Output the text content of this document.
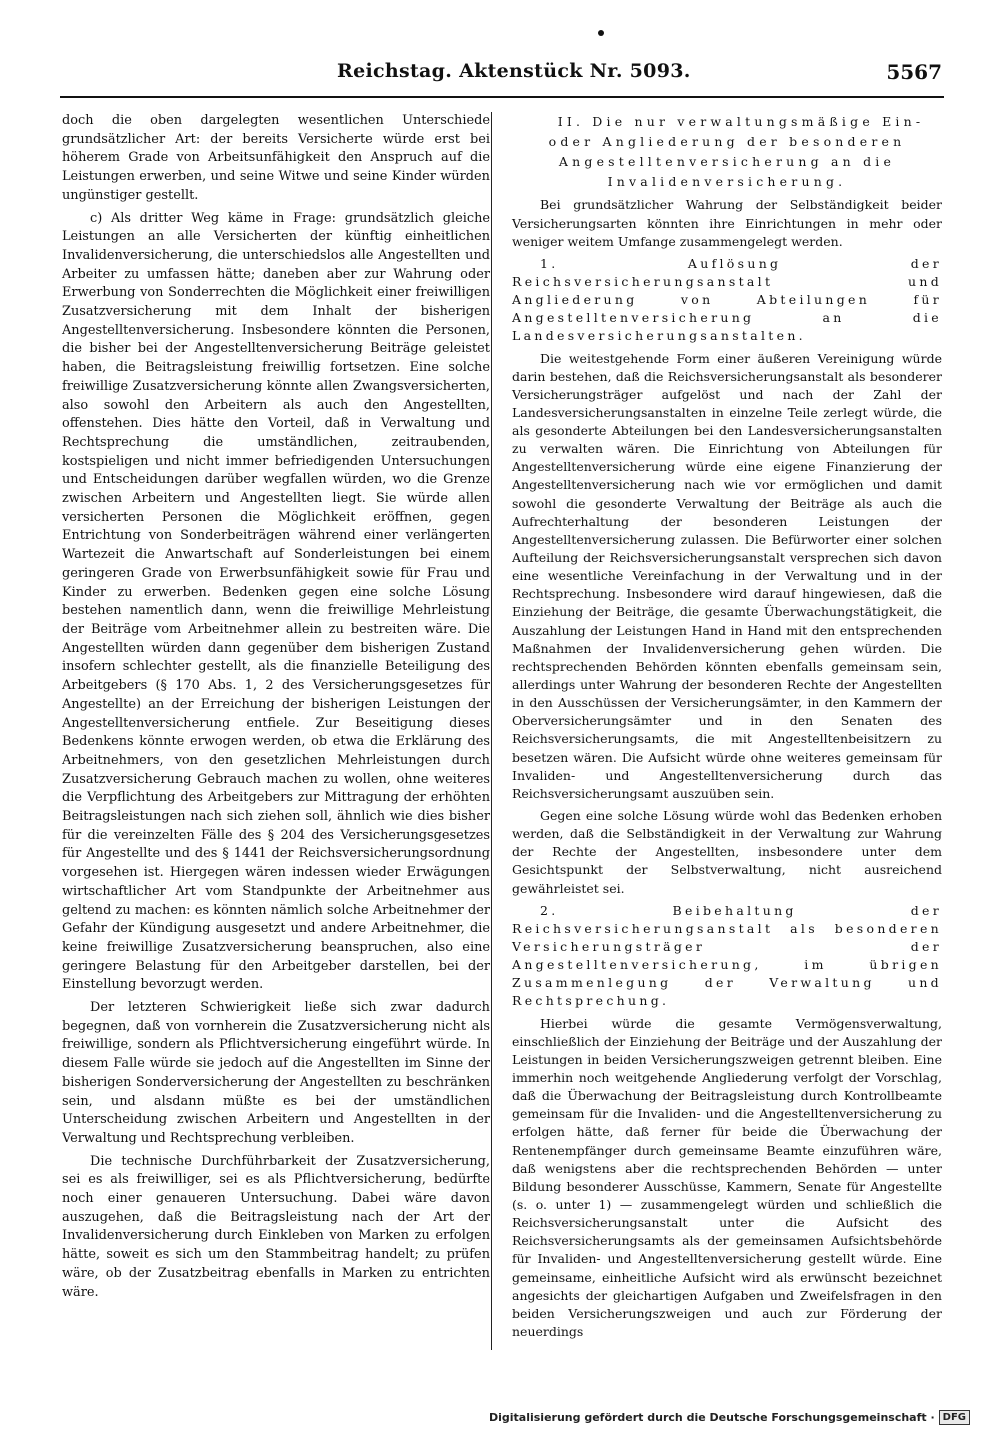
Reichstag. Aktenstück Nr. 5093.	5567

doch die oben dargelegten wesentlichen Unterschiede grundsätzlicher Art: der bereits Versicherte würde erst bei höherem Grade von Arbeitsunfähigkeit den Anspruch auf die Leistungen erwerben, und seine Witwe und seine Kinder würden ungünstiger gestellt.

c) Als dritter Weg käme in Frage: grundsätzlich gleiche Leistungen an alle Versicherten der künftig einheitlichen Invalidenversicherung, die unterschiedslos alle Angestellten und Arbeiter zu umfassen hätte; daneben aber zur Wahrung oder Erwerbung von Sonderrechten die Möglichkeit einer freiwilligen Zusatzversicherung mit dem Inhalt der bisherigen Angestelltenversicherung. Insbesondere könnten die Personen, die bisher bei der Angestelltenversicherung Beiträge geleistet haben, die Beitragsleistung freiwillig fortsetzen. Eine solche freiwillige Zusatzversicherung könnte allen Zwangsversicherten, also sowohl den Arbeitern als auch den Angestellten, offenstehen. Dies hätte den Vorteil, daß in Verwaltung und Rechtsprechung die umständlichen, zeitraubenden, kostspieligen und nicht immer befriedigenden Untersuchungen und Entscheidungen darüber wegfallen würden, wo die Grenze zwischen Arbeitern und Angestellten liegt. Sie würde allen versicherten Personen die Möglichkeit eröffnen, gegen Entrichtung von Sonderbeiträgen während einer verlängerten Wartezeit die Anwartschaft auf Sonderleistungen bei einem geringeren Grade von Erwerbsunfähigkeit sowie für Frau und Kinder zu erwerben. Bedenken gegen eine solche Lösung bestehen namentlich dann, wenn die freiwillige Mehrleistung der Beiträge vom Arbeitnehmer allein zu bestreiten wäre. Die Angestellten würden dann gegenüber dem bisherigen Zustand insofern schlechter gestellt, als die finanzielle Beteiligung des Arbeitgebers (§ 170 Abs. 1, 2 des Versicherungsgesetzes für Angestellte) an der Erreichung der bisherigen Leistungen der Angestelltenversicherung entfiele. Zur Beseitigung dieses Bedenkens könnte erwogen werden, ob etwa die Erklärung des Arbeitnehmers, von den gesetzlichen Mehrleistungen durch Zusatzversicherung Gebrauch machen zu wollen, ohne weiteres die Verpflichtung des Arbeitgebers zur Mittragung der erhöhten Beitragsleistungen nach sich ziehen soll, ähnlich wie dies bisher für die vereinzelten Fälle des § 204 des Versicherungsgesetzes für Angestellte und des § 1441 der Reichsversicherungsordnung vorgesehen ist. Hiergegen wären indessen wieder Erwägungen wirtschaftlicher Art vom Standpunkte der Arbeitnehmer aus geltend zu machen: es könnten nämlich solche Arbeitnehmer der Gefahr der Kündigung ausgesetzt und andere Arbeitnehmer, die keine freiwillige Zusatzversicherung beanspruchen, also eine geringere Belastung für den Arbeitgeber darstellen, bei der Einstellung bevorzugt werden.

Der letzteren Schwierigkeit ließe sich zwar dadurch begegnen, daß von vornherein die Zusatzversicherung nicht als freiwillige, sondern als Pflichtversicherung eingeführt würde. In diesem Falle würde sie jedoch auf die Angestellten im Sinne der bisherigen Sonderversicherung der Angestellten zu beschränken sein, und alsdann müßte es bei der umständlichen Unterscheidung zwischen Arbeitern und Angestellten in der Verwaltung und Rechtsprechung verbleiben.

Die technische Durchführbarkeit der Zusatzversicherung, sei es als freiwilliger, sei es als Pflichtversicherung, bedürfte noch einer genaueren Untersuchung. Dabei wäre davon auszugehen, daß die Beitragsleistung nach der Art der Invalidenversicherung durch Einkleben von Marken zu erfolgen hätte, soweit es sich um den Stammbeitrag handelt; zu prüfen wäre, ob der Zusatzbeitrag ebenfalls in Marken zu entrichten wäre.

II. Die nur verwaltungsmäßige Ein- oder Angliederung der besonderen Angestelltenversicherung an die Invalidenversicherung.

Bei grundsätzlicher Wahrung der Selbständigkeit beider Versicherungsarten könnten ihre Einrichtungen in mehr oder weniger weitem Umfange zusammengelegt werden.

1. Auflösung der Reichsversicherungsanstalt und Angliederung von Abteilungen für Angestelltenversicherung an die Landesversicherungsanstalten.

Die weitestgehende Form einer äußeren Vereinigung würde darin bestehen, daß die Reichsversicherungsanstalt als besonderer Versicherungsträger aufgelöst und nach der Zahl der Landesversicherungsanstalten in einzelne Teile zerlegt würde, die als gesonderte Abteilungen bei den Landesversicherungsanstalten zu verwalten wären. Die Einrichtung von Abteilungen für Angestelltenversicherung würde eine eigene Finanzierung der Angestelltenversicherung nach wie vor ermöglichen und damit sowohl die gesonderte Verwaltung der Beiträge als auch die Aufrechterhaltung der besonderen Leistungen der Angestelltenversicherung zulassen. Die Befürworter einer solchen Aufteilung der Reichsversicherungsanstalt versprechen sich davon eine wesentliche Vereinfachung in der Verwaltung und in der Rechtsprechung. Insbesondere wird darauf hingewiesen, daß die Einziehung der Beiträge, die gesamte Überwachungstätigkeit, die Auszahlung der Leistungen Hand in Hand mit den entsprechenden Maßnahmen der Invalidenversicherung gehen würden. Die rechtsprechenden Behörden könnten ebenfalls gemeinsam sein, allerdings unter Wahrung der besonderen Rechte der Angestellten in den Ausschüssen der Versicherungsämter, in den Kammern der Oberversicherungsämter und in den Senaten des Reichsversicherungsamts, die mit Angestelltenbeisitzern zu besetzen wären. Die Aufsicht würde ohne weiteres gemeinsam für Invaliden- und Angestelltenversicherung durch das Reichsversicherungsamt auszuüben sein.

Gegen eine solche Lösung würde wohl das Bedenken erhoben werden, daß die Selbständigkeit in der Verwaltung zur Wahrung der Rechte der Angestellten, insbesondere unter dem Gesichtspunkt der Selbstverwaltung, nicht ausreichend gewährleistet sei.

2. Beibehaltung der Reichsversicherungsanstalt als besonderen Versicherungsträger der Angestelltenversicherung, im übrigen Zusammenlegung der Verwaltung und Rechtsprechung.

Hierbei würde die gesamte Vermögensverwaltung, einschließlich der Einziehung der Beiträge und der Auszahlung der Leistungen in beiden Versicherungszweigen getrennt bleiben. Eine immerhin noch weitgehende Angliederung verfolgt der Vorschlag, daß die Überwachung der Beitragsleistung durch Kontrollbeamte gemeinsam für die Invaliden- und die Angestelltenversicherung zu erfolgen hätte, daß ferner für beide die Überwachung der Rentenempfänger durch gemeinsame Beamte einzuführen wäre, daß wenigstens aber die rechtsprechenden Behörden — unter Bildung besonderer Ausschüsse, Kammern, Senate für Angestellte (s. o. unter 1) — zusammengelegt würden und schließlich die Reichsversicherungsanstalt unter die Aufsicht des Reichsversicherungsamts als der gemeinsamen Aufsichtsbehörde für Invaliden- und Angestelltenversicherung gestellt würde. Eine gemeinsame, einheitliche Aufsicht wird als erwünscht bezeichnet angesichts der gleichartigen Aufgaben und Zweifelsfragen in den beiden Versicherungszweigen und auch zur Förderung der neuerdings

Digitalisierung gefördert durch die Deutsche Forschungsgemeinschaft · DFG
